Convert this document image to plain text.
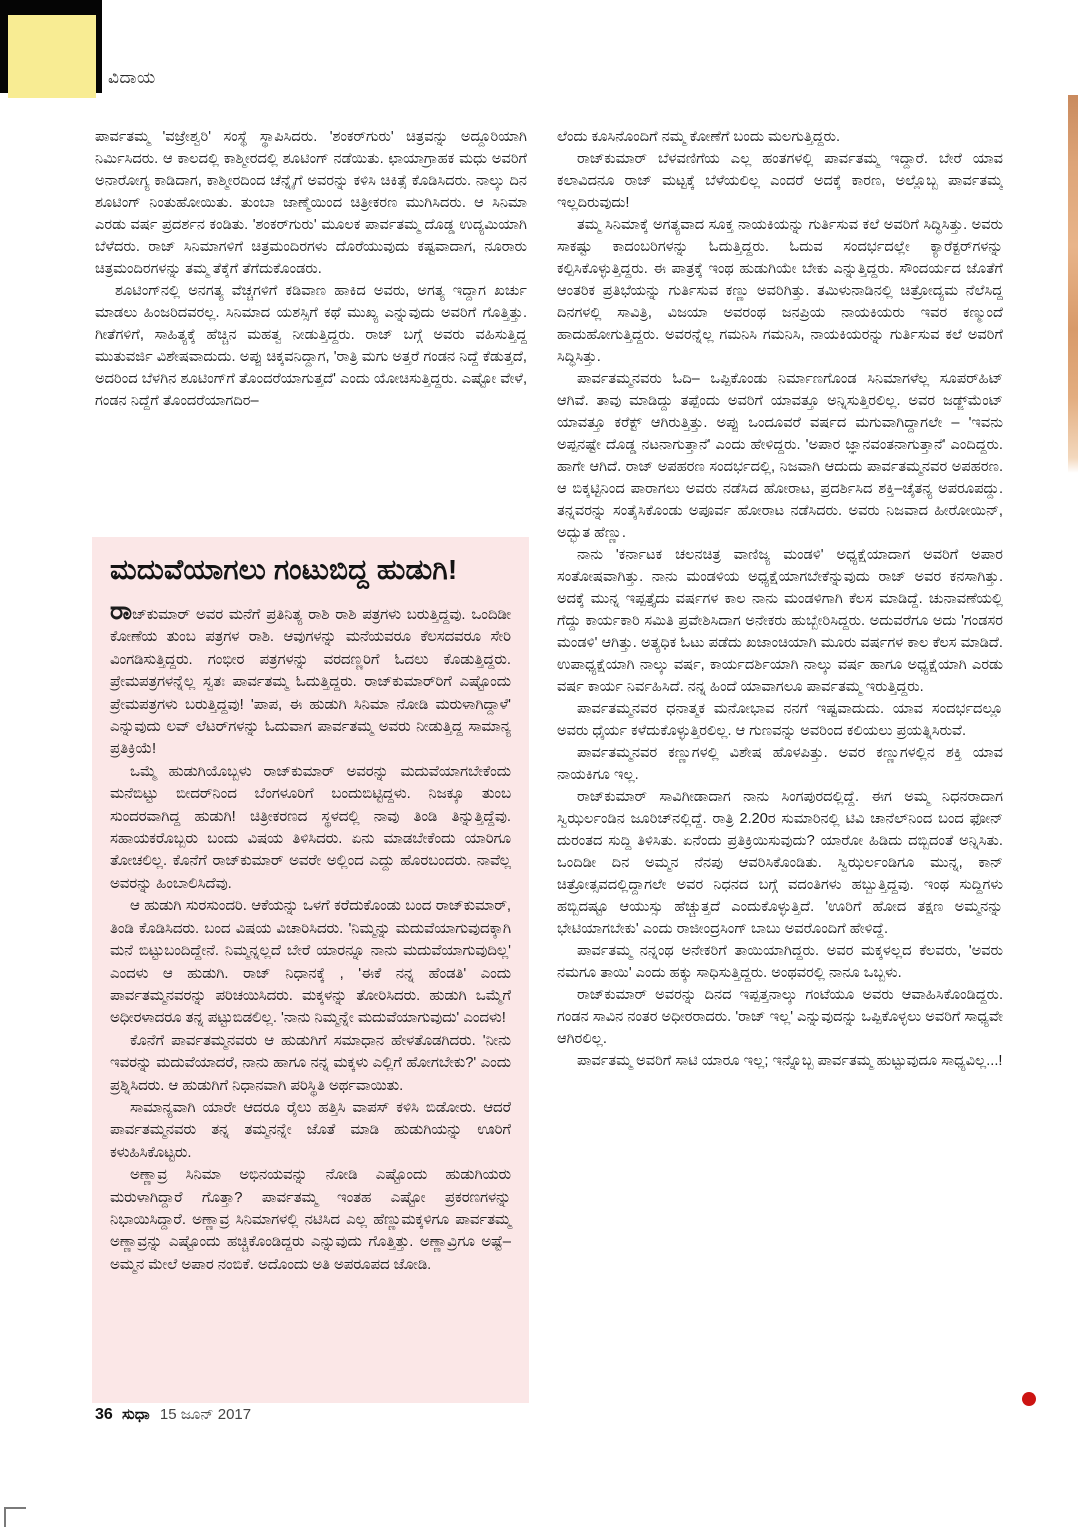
ವಿದಾಯ

ಪಾರ್ವತಮ್ಮ 'ವಜ್ರೇಶ್ವರಿ' ಸಂಸ್ಥೆ ಸ್ಥಾಪಿಸಿದರು. 'ಶಂಕರ್‌ಗುರು' ಚಿತ್ರವನ್ನು ಅದ್ದೂರಿಯಾಗಿ ನಿರ್ಮಿಸಿದರು. ಆ ಕಾಲದಲ್ಲಿ ಕಾಶ್ಮೀರದಲ್ಲಿ ಶೂಟಿಂಗ್ ನಡೆಯಿತು. ಛಾಯಾಗ್ರಾಹಕ ಮಧು ಅವರಿಗೆ ಅನಾರೋಗ್ಯ ಕಾಡಿದಾಗ, ಕಾಶ್ಮೀರದಿಂದ ಚೆನ್ನೈಗೆ ಅವರನ್ನು ಕಳಿಸಿ ಚಿಕಿತ್ಸೆ ಕೊಡಿಸಿದರು. ನಾಲ್ಕು ದಿನ ಶೂಟಿಂಗ್ ನಿಂತುಹೋಯಿತು. ತುಂಬಾ ಜಾಣ್ಮೆಯಿಂದ ಚಿತ್ರೀಕರಣ ಮುಗಿಸಿದರು. ಆ ಸಿನಿಮಾ ಎರಡು ವರ್ಷ ಪ್ರದರ್ಶನ ಕಂಡಿತು. 'ಶಂಕರ್‌ಗುರು' ಮೂಲಕ ಪಾರ್ವತಮ್ಮ ದೊಡ್ಡ ಉದ್ಯಮಿಯಾಗಿ ಬೆಳೆದರು. ರಾಜ್ ಸಿನಿಮಾಗಳಿಗೆ ಚಿತ್ರಮಂದಿರಗಳು ದೊರೆಯುವುದು ಕಷ್ಟವಾದಾಗ, ನೂರಾರು ಚಿತ್ರಮಂದಿರಗಳನ್ನು ತಮ್ಮ ತೆಕ್ಕೆಗೆ ತೆಗೆದುಕೊಂಡರು.

ಶೂಟಿಂಗ್‌ನಲ್ಲಿ ಅನಗತ್ಯ ವೆಚ್ಚಗಳಿಗೆ ಕಡಿವಾಣ ಹಾಕಿದ ಅವರು, ಅಗತ್ಯ ಇದ್ದಾಗ ಖರ್ಚು ಮಾಡಲು ಹಿಂಜರಿದವರಲ್ಲ. ಸಿನಿಮಾದ ಯಶಸ್ಸಿಗೆ ಕಥೆ ಮುಖ್ಯ ಎನ್ನುವುದು ಅವರಿಗೆ ಗೊತ್ತಿತ್ತು. ಗೀತೆಗಳಿಗೆ, ಸಾಹಿತ್ಯಕ್ಕೆ ಹೆಚ್ಚಿನ ಮಹತ್ವ ನೀಡುತ್ತಿದ್ದರು. ರಾಜ್ ಬಗ್ಗೆ ಅವರು ವಹಿಸುತ್ತಿದ್ದ ಮುತುವರ್ಜಿ ವಿಶೇಷವಾದುದು. ಅಪ್ಪು ಚಿಕ್ಕವನಿದ್ದಾಗ, 'ರಾತ್ರಿ ಮಗು ಅತ್ತರೆ ಗಂಡನ ನಿದ್ದೆ ಕೆಡುತ್ತದೆ, ಅದರಿಂದ ಬೆಳಗಿನ ಶೂಟಿಂಗ್‌ಗೆ ತೊಂದರೆಯಾಗುತ್ತದೆ' ಎಂದು ಯೋಚಿಸುತ್ತಿದ್ದರು. ಎಷ್ಟೋ ವೇಳೆ, ಗಂಡನ ನಿದ್ದೆಗೆ ತೊಂದರೆಯಾಗದಿರ–

ಮದುವೆಯಾಗಲು ಗಂಟುಬಿದ್ದ ಹುಡುಗಿ!

ರಾಜ್‌ಕುಮಾರ್ ಅವರ ಮನೆಗೆ ಪ್ರತಿನಿತ್ಯ ರಾಶಿ ರಾಶಿ ಪತ್ರಗಳು ಬರುತ್ತಿದ್ದವು. ಒಂದಿಡೀ ಕೋಣೆಯ ತುಂಬ ಪತ್ರಗಳ ರಾಶಿ. ಆವುಗಳನ್ನು ಮನೆಯವರೂ ಕೆಲಸದವರೂ ಸೇರಿ ವಿಂಗಡಿಸುತ್ತಿದ್ದರು. ಗಂಭೀರ ಪತ್ರಗಳನ್ನು ವರದಣ್ಣರಿಗೆ ಓದಲು ಕೊಡುತ್ತಿದ್ದರು. ಪ್ರೇಮಪತ್ರಗಳನ್ನೆಲ್ಲ ಸ್ವತಃ ಪಾರ್ವತಮ್ಮ ಓದುತ್ತಿದ್ದರು. ರಾಜ್‌ಕುಮಾರ್‌ರಿಗೆ ಎಷ್ಟೊಂದು ಪ್ರೇಮಪತ್ರಗಳು ಬರುತ್ತಿದ್ದವು! 'ಪಾಪ, ಈ ಹುಡುಗಿ ಸಿನಿಮಾ ನೋಡಿ ಮರುಳಾಗಿದ್ದಾಳೆ' ಎನ್ನುವುದು ಲವ್ ಲೆಟರ್‌ಗಳನ್ನು ಓದುವಾಗ ಪಾರ್ವತಮ್ಮ ಅವರು ನೀಡುತ್ತಿದ್ದ ಸಾಮಾನ್ಯ ಪ್ರತಿಕ್ರಿಯೆ!

ಒಮ್ಮೆ ಹುಡುಗಿಯೊಬ್ಬಳು ರಾಜ್‌ಕುಮಾರ್ ಅವರನ್ನು ಮದುವೆಯಾಗಬೇಕೆಂದು ಮನೆಬಿಟ್ಟು ಬೀದರ್‌ನಿಂದ ಬೆಂಗಳೂರಿಗೆ ಬಂದುಬಿಟ್ಟಿದ್ದಳು. ನಿಜಕ್ಕೂ ತುಂಬ ಸುಂದರವಾಗಿದ್ದ ಹುಡುಗಿ! ಚಿತ್ರೀಕರಣದ ಸ್ಥಳದಲ್ಲಿ ನಾವು ತಿಂಡಿ ತಿನ್ನುತ್ತಿದ್ದೆವು. ಸಹಾಯಕರೊಬ್ಬರು ಬಂದು ವಿಷಯ ತಿಳಿಸಿದರು. ಏನು ಮಾಡಬೇಕೆಂದು ಯಾರಿಗೂ ತೋಚಲಿಲ್ಲ. ಕೊನೆಗೆ ರಾಜ್‌ಕುಮಾರ್ ಅವರೇ ಅಲ್ಲಿಂದ ಎದ್ದು ಹೊರಬಂದರು. ನಾವೆಲ್ಲ ಅವರನ್ನು ಹಿಂಬಾಲಿಸಿದೆವು.

ಆ ಹುಡುಗಿ ಸುರಸುಂದರಿ. ಆಕೆಯನ್ನು ಒಳಗೆ ಕರೆದುಕೊಂಡು ಬಂದ ರಾಜ್‌ಕುಮಾರ್, ತಿಂಡಿ ಕೊಡಿಸಿದರು. ಬಂದ ವಿಷಯ ವಿಚಾರಿಸಿದರು. 'ನಿಮ್ಮನ್ನು ಮದುವೆಯಾಗುವುದಕ್ಕಾಗಿ ಮನೆ ಬಿಟ್ಟುಬಂದಿದ್ದೇನೆ. ನಿಮ್ಮನ್ನಲ್ಲದೆ ಬೇರೆ ಯಾರನ್ನೂ ನಾನು ಮದುವೆಯಾಗುವುದಿಲ್ಲ' ಎಂದಳು ಆ ಹುಡುಗಿ. ರಾಜ್ ನಿಧಾನಕ್ಕೆ , 'ಈಕೆ ನನ್ನ ಹೆಂಡತಿ' ಎಂದು ಪಾರ್ವತಮ್ಮನವರನ್ನು ಪರಿಚಯಿಸಿದರು. ಮಕ್ಕಳನ್ನು ತೋರಿಸಿದರು. ಹುಡುಗಿ ಒಮ್ಮೆಗೆ ಅಧೀರಳಾದರೂ ತನ್ನ ಪಟ್ಟುಬಿಡಲಿಲ್ಲ. 'ನಾನು ನಿಮ್ಮನ್ನೇ ಮದುವೆಯಾಗುವುದು' ಎಂದಳು!

ಕೊನೆಗೆ ಪಾರ್ವತಮ್ಮನವರು ಆ ಹುಡುಗಿಗೆ ಸಮಾಧಾನ ಹೇಳತೊಡಗಿದರು. 'ನೀನು ಇವರನ್ನು ಮದುವೆಯಾದರೆ, ನಾನು ಹಾಗೂ ನನ್ನ ಮಕ್ಕಳು ಎಲ್ಲಿಗೆ ಹೋಗಬೇಕು?' ಎಂದು ಪ್ರಶ್ನಿಸಿದರು. ಆ ಹುಡುಗಿಗೆ ನಿಧಾನವಾಗಿ ಪರಿಸ್ಥಿತಿ ಅರ್ಥವಾಯಿತು.

ಸಾಮಾನ್ಯವಾಗಿ ಯಾರೇ ಆದರೂ ರೈಲು ಹತ್ತಿಸಿ ವಾಪಸ್ ಕಳಿಸಿ ಬಿಡೋರು. ಆದರೆ ಪಾರ್ವತಮ್ಮನವರು ತನ್ನ ತಮ್ಮನನ್ನೇ ಜೊತೆ ಮಾಡಿ ಹುಡುಗಿಯನ್ನು ಊರಿಗೆ ಕಳುಹಿಸಿಕೊಟ್ಟರು.

ಅಣ್ಣಾವ್ರ ಸಿನಿಮಾ ಅಭಿನಯವನ್ನು ನೋಡಿ ಎಷ್ಟೊಂದು ಹುಡುಗಿಯರು ಮರುಳಾಗಿದ್ದಾರೆ ಗೊತ್ತಾ? ಪಾರ್ವತಮ್ಮ ಇಂತಹ ಎಷ್ಟೋ ಪ್ರಕರಣಗಳನ್ನು ನಿಭಾಯಿಸಿದ್ದಾರೆ. ಅಣ್ಣಾವ್ರ ಸಿನಿಮಾಗಳಲ್ಲಿ ನಟಿಸಿದ ಎಲ್ಲ ಹೆಣ್ಣುಮಕ್ಕಳಿಗೂ ಪಾರ್ವತಮ್ಮ ಅಣ್ಣಾವ್ರನ್ನು ಎಷ್ಟೊಂದು ಹಚ್ಚಿಕೊಂಡಿದ್ದರು ಎನ್ನುವುದು ಗೊತ್ತಿತ್ತು. ಅಣ್ಣಾವ್ರಿಗೂ ಅಷ್ಟೆ– ಅಮ್ಮನ ಮೇಲೆ ಅಪಾರ ನಂಬಿಕೆ. ಅದೊಂದು ಅತಿ ಅಪರೂಪದ ಜೋಡಿ.

ಲೆಂದು ಕೂಸಿನೊಂದಿಗೆ ನಮ್ಮ ಕೋಣೆಗೆ ಬಂದು ಮಲಗುತ್ತಿದ್ದರು.

ರಾಜ್‌ಕುಮಾರ್ ಬೆಳವಣಿಗೆಯ ಎಲ್ಲ ಹಂತಗಳಲ್ಲಿ ಪಾರ್ವತಮ್ಮ ಇದ್ದಾರೆ. ಬೇರೆ ಯಾವ ಕಲಾವಿದನೂ ರಾಜ್ ಮಟ್ಟಕ್ಕೆ ಬೆಳೆಯಲಿಲ್ಲ ಎಂದರೆ ಅದಕ್ಕೆ ಕಾರಣ, ಅಲ್ಲೊಬ್ಬ ಪಾರ್ವತಮ್ಮ ಇಲ್ಲದಿರುವುದು!

ತಮ್ಮ ಸಿನಿಮಾಕ್ಕೆ ಅಗತ್ಯವಾದ ಸೂಕ್ತ ನಾಯಕಿಯನ್ನು ಗುರ್ತಿಸುವ ಕಲೆ ಅವರಿಗೆ ಸಿದ್ಧಿಸಿತ್ತು. ಅವರು ಸಾಕಷ್ಟು ಕಾದಂಬರಿಗಳನ್ನು ಓದುತ್ತಿದ್ದರು. ಓದುವ ಸಂದರ್ಭದಲ್ಲೇ ಕ್ಯಾರೆಕ್ಟರ್‌ಗಳನ್ನು ಕಲ್ಪಿಸಿಕೊಳ್ಳುತ್ತಿದ್ದರು. ಈ ಪಾತ್ರಕ್ಕೆ ಇಂಥ ಹುಡುಗಿಯೇ ಬೇಕು ಎನ್ನುತ್ತಿದ್ದರು. ಸೌಂದರ್ಯದ ಜೊತೆಗೆ ಆಂತರಿಕ ಪ್ರತಿಭೆಯನ್ನು ಗುರ್ತಿಸುವ ಕಣ್ಣು ಅವರಿಗಿತ್ತು. ತಮಿಳುನಾಡಿನಲ್ಲಿ ಚಿತ್ರೋದ್ಯಮ ನೆಲೆಸಿದ್ದ ದಿನಗಳಲ್ಲಿ ಸಾವಿತ್ರಿ, ವಿಜಯಾ ಅವರಂಥ ಜನಪ್ರಿಯ ನಾಯಕಿಯರು ಇವರ ಕಣ್ಮುಂದೆ ಹಾದುಹೋಗುತ್ತಿದ್ದರು. ಅವರನ್ನೆಲ್ಲ ಗಮನಿಸಿ ಗಮನಿಸಿ, ನಾಯಕಿಯರನ್ನು ಗುರ್ತಿಸುವ ಕಲೆ ಅವರಿಗೆ ಸಿದ್ಧಿಸಿತ್ತು.

ಪಾರ್ವತಮ್ಮನವರು ಓದಿ– ಒಪ್ಪಿಕೊಂಡು ನಿರ್ಮಾಣಗೊಂಡ ಸಿನಿಮಾಗಳೆಲ್ಲ ಸೂಪರ್‌ಹಿಟ್ ಆಗಿವೆ. ತಾವು ಮಾಡಿದ್ದು ತಪ್ಪೆಂದು ಅವರಿಗೆ ಯಾವತ್ತೂ ಅನ್ನಿಸುತ್ತಿರಲಿಲ್ಲ. ಅವರ ಜಡ್ಜ್‌ಮೆಂಟ್ ಯಾವತ್ತೂ ಕರೆಕ್ಟ್ ಆಗಿರುತ್ತಿತ್ತು. ಅಪ್ಪು ಒಂದೂವರೆ ವರ್ಷದ ಮಗುವಾಗಿದ್ದಾಗಲೇ – 'ಇವನು ಅಪ್ಪನಷ್ಟೇ ದೊಡ್ಡ ನಟನಾಗುತ್ತಾನೆ' ಎಂದು ಹೇಳಿದ್ದರು. 'ಅಪಾರ ಜ್ಞಾನವಂತನಾಗುತ್ತಾನೆ' ಎಂದಿದ್ದರು. ಹಾಗೇ ಆಗಿದೆ. ರಾಜ್ ಅಪಹರಣ ಸಂದರ್ಭದಲ್ಲಿ, ನಿಜವಾಗಿ ಆದುದು ಪಾರ್ವತಮ್ಮನವರ ಅಪಹರಣ. ಆ ಬಿಕ್ಕಟ್ಟಿನಿಂದ ಪಾರಾಗಲು ಅವರು ನಡೆಸಿದ ಹೋರಾಟ, ಪ್ರದರ್ಶಿಸಿದ ಶಕ್ತಿ–ಚೈತನ್ಯ ಅಪರೂಪದ್ದು. ತನ್ನವರನ್ನು ಸಂತೈಸಿಕೊಂಡು ಅಪೂರ್ವ ಹೋರಾಟ ನಡೆಸಿದರು. ಅವರು ನಿಜವಾದ ಹೀರೋಯಿನ್, ಅದ್ಭುತ ಹೆಣ್ಣು.

ನಾನು 'ಕರ್ನಾಟಕ ಚಲನಚಿತ್ರ ವಾಣಿಜ್ಯ ಮಂಡಳಿ' ಅಧ್ಯಕ್ಷೆಯಾದಾಗ ಅವರಿಗೆ ಅಪಾರ ಸಂತೋಷವಾಗಿತ್ತು. ನಾನು ಮಂಡಳಿಯ ಅಧ್ಯಕ್ಷೆಯಾಗಬೇಕೆನ್ನುವುದು ರಾಜ್ ಅವರ ಕನಸಾಗಿತ್ತು. ಅದಕ್ಕೆ ಮುನ್ನ ಇಪ್ಪತ್ತೈದು ವರ್ಷಗಳ ಕಾಲ ನಾನು ಮಂಡಳಿಗಾಗಿ ಕೆಲಸ ಮಾಡಿದ್ದೆ. ಚುನಾವಣೆಯಲ್ಲಿ ಗೆದ್ದು ಕಾರ್ಯಕಾರಿ ಸಮಿತಿ ಪ್ರವೇಶಿಸಿದಾಗ ಅನೇಕರು ಹುಬ್ಬೇರಿಸಿದ್ದರು. ಅದುವರೆಗೂ ಅದು 'ಗಂಡಸರ ಮಂಡಳಿ' ಆಗಿತ್ತು. ಅತ್ಯಧಿಕ ಓಟು ಪಡೆದು ಖಜಾಂಚಿಯಾಗಿ ಮೂರು ವರ್ಷಗಳ ಕಾಲ ಕೆಲಸ ಮಾಡಿದೆ. ಉಪಾಧ್ಯಕ್ಷೆಯಾಗಿ ನಾಲ್ಕು ವರ್ಷ, ಕಾರ್ಯದರ್ಶಿಯಾಗಿ ನಾಲ್ಕು ವರ್ಷ ಹಾಗೂ ಅಧ್ಯಕ್ಷೆಯಾಗಿ ಎರಡು ವರ್ಷ ಕಾರ್ಯ ನಿರ್ವಹಿಸಿದೆ. ನನ್ನ ಹಿಂದೆ ಯಾವಾಗಲೂ ಪಾರ್ವತಮ್ಮ ಇರುತ್ತಿದ್ದರು.

ಪಾರ್ವತಮ್ಮನವರ ಧನಾತ್ಮಕ ಮನೋಭಾವ ನನಗೆ ಇಷ್ಟವಾದುದು. ಯಾವ ಸಂದರ್ಭದಲ್ಲೂ ಅವರು ಧೈರ್ಯ ಕಳೆದುಕೊಳ್ಳುತ್ತಿರಲಿಲ್ಲ. ಆ ಗುಣವನ್ನು ಅವರಿಂದ ಕಲಿಯಲು ಪ್ರಯತ್ನಿಸಿರುವೆ.

ಪಾರ್ವತಮ್ಮನವರ ಕಣ್ಣುಗಳಲ್ಲಿ ವಿಶೇಷ ಹೊಳಪಿತ್ತು. ಅವರ ಕಣ್ಣುಗಳಲ್ಲಿನ ಶಕ್ತಿ ಯಾವ ನಾಯಕಿಗೂ ಇಲ್ಲ.

ರಾಜ್‌ಕುಮಾರ್ ಸಾವಿಗೀಡಾದಾಗ ನಾನು ಸಿಂಗಪುರದಲ್ಲಿದ್ದೆ. ಈಗ ಅಮ್ಮ ನಿಧನರಾದಾಗ ಸ್ವಿಝರ್ಲಂಡಿನ ಜೂರಿಚ್‌ನಲ್ಲಿದ್ದೆ. ರಾತ್ರಿ 2.20ರ ಸುಮಾರಿನಲ್ಲಿ ಟಿವಿ ಚಾನೆಲ್‌ನಿಂದ ಬಂದ ಫೋನ್ ದುರಂತದ ಸುದ್ದಿ ತಿಳಿಸಿತು. ಏನೆಂದು ಪ್ರತಿಕ್ರಿಯಿಸುವುದು? ಯಾರೋ ಹಿಡಿದು ದಬ್ಬಿದಂತೆ ಅನ್ನಿಸಿತು. ಒಂದಿಡೀ ದಿನ ಅಮ್ಮನ ನೆನಪು ಆವರಿಸಿಕೊಂಡಿತು. ಸ್ವಿಝರ್ಲಂಡಿಗೂ ಮುನ್ನ, ಕಾನ್ ಚಿತ್ರೋತ್ಸವದಲ್ಲಿದ್ದಾಗಲೇ ಅವರ ನಿಧನದ ಬಗ್ಗೆ ವದಂತಿಗಳು ಹಬ್ಬುತ್ತಿದ್ದವು. ಇಂಥ ಸುದ್ದಿಗಳು ಹಬ್ಬಿದಷ್ಟೂ ಆಯುಸ್ಸು ಹೆಚ್ಚುತ್ತದೆ ಎಂದುಕೊಳ್ಳುತ್ತಿದೆ. 'ಊರಿಗೆ ಹೋದ ತಕ್ಷಣ ಅಮ್ಮನನ್ನು ಭೇಟಿಯಾಗಬೇಕು' ಎಂದು ರಾಜೀಂದ್ರಸಿಂಗ್ ಬಾಬು ಅವರೊಂದಿಗೆ ಹೇಳಿದ್ದೆ.

ಪಾರ್ವತಮ್ಮ ನನ್ನಂಥ ಅನೇಕರಿಗೆ ತಾಯಿಯಾಗಿದ್ದರು. ಅವರ ಮಕ್ಕಳಲ್ಲದ ಕೆಲವರು, 'ಅವರು ನಮಗೂ ತಾಯಿ' ಎಂದು ಹಕ್ಕು ಸಾಧಿಸುತ್ತಿದ್ದರು. ಅಂಥವರಲ್ಲಿ ನಾನೂ ಒಬ್ಬಳು.

ರಾಜ್‌ಕುಮಾರ್ ಅವರನ್ನು ದಿನದ ಇಪ್ಪತ್ತನಾಲ್ಕು ಗಂಟೆಯೂ ಅವರು ಆವಾಹಿಸಿಕೊಂಡಿದ್ದರು. ಗಂಡನ ಸಾವಿನ ನಂತರ ಅಧೀರರಾದರು. 'ರಾಜ್ ಇಲ್ಲ' ಎನ್ನುವುದನ್ನು ಒಪ್ಪಿಕೊಳ್ಳಲು ಅವರಿಗೆ ಸಾಧ್ಯವೇ ಆಗಿರಲಿಲ್ಲ.

ಪಾರ್ವತಮ್ಮ ಅವರಿಗೆ ಸಾಟಿ ಯಾರೂ ಇಲ್ಲ; ಇನ್ನೊಬ್ಬ ಪಾರ್ವತಮ್ಮ ಹುಟ್ಟುವುದೂ ಸಾಧ್ಯವಿಲ್ಲ...!

36 ಸುಧಾ 15 ಜೂನ್ 2017
